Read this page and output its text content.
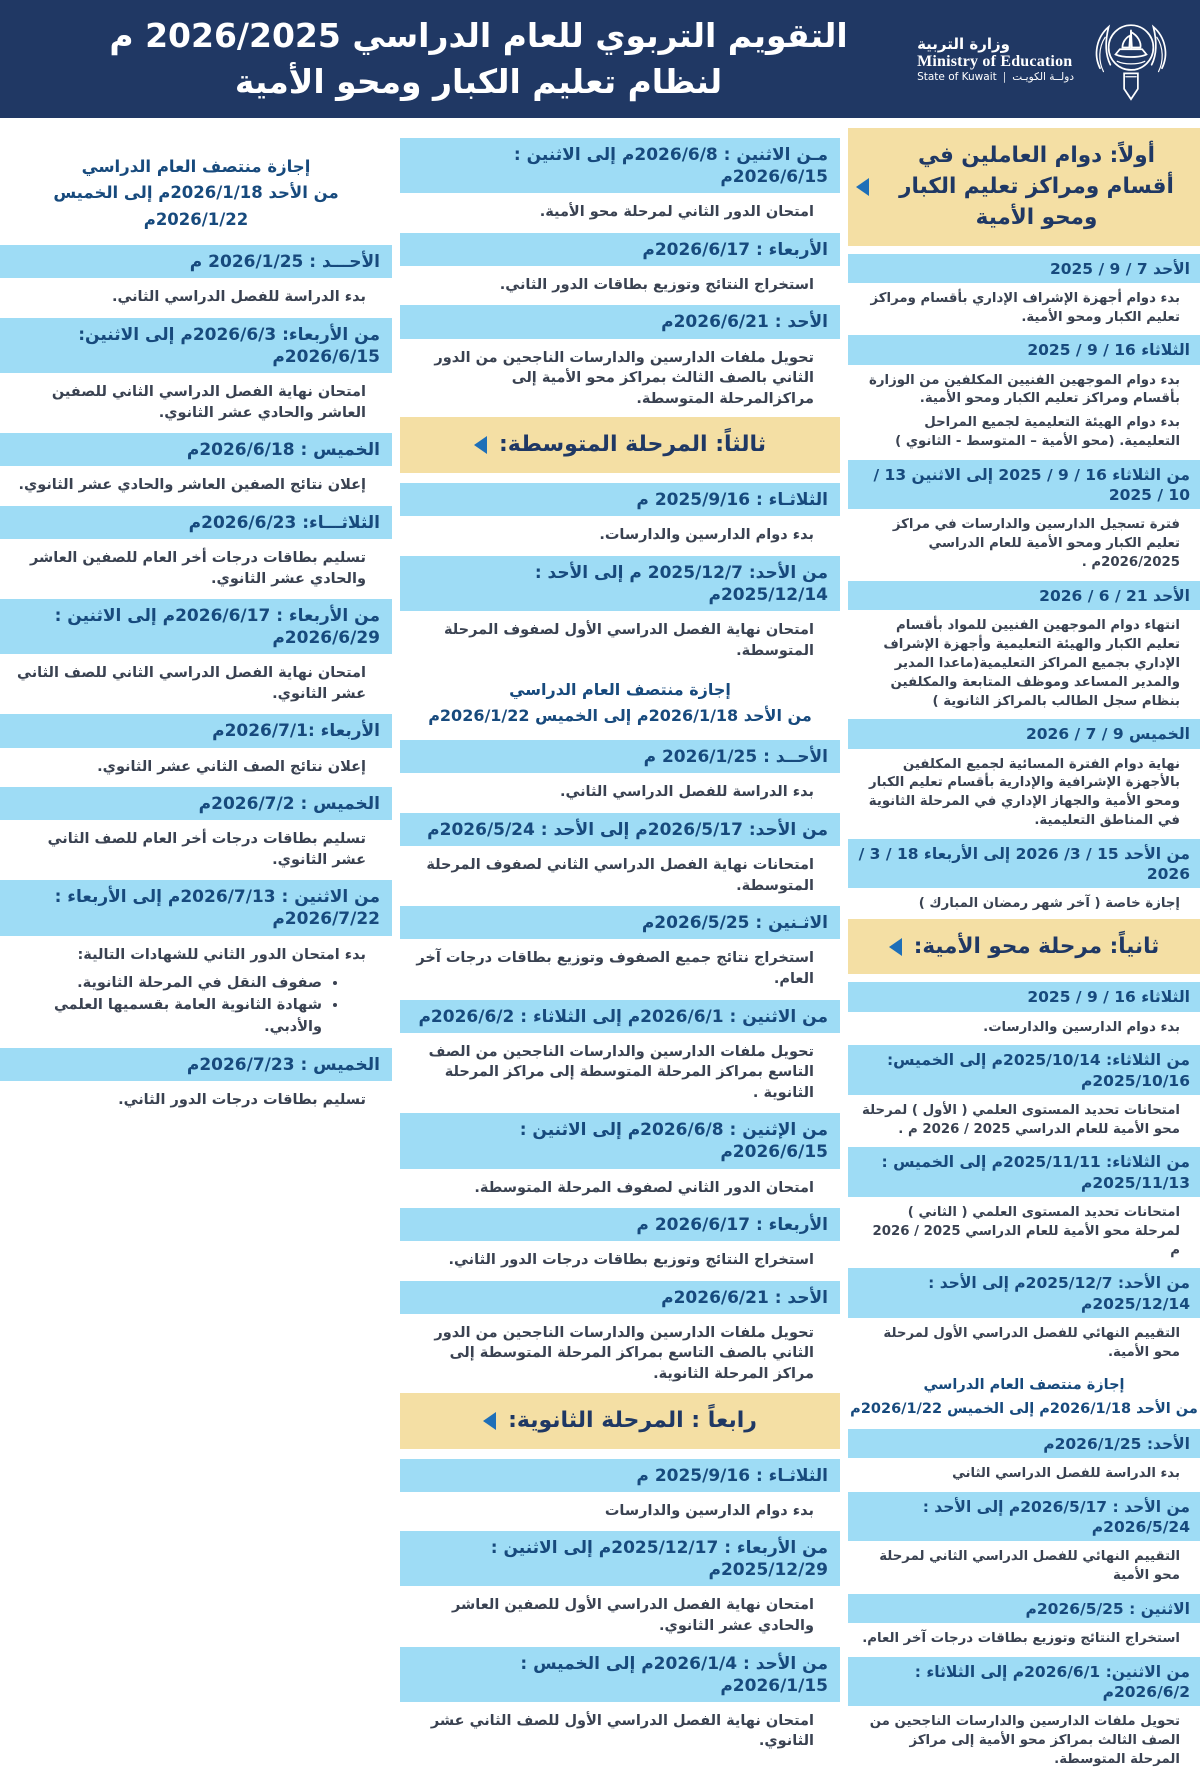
وزارة التربية
Ministry of Education
State of Kuwait | دولــة الكويـت
التقويم التربوي للعام الدراسي 2026/2025 م
لنظام تعليم الكبار ومحو الأمية
أولاً: دوام العاملين في أقسام ومراكز تعليم الكبار ومحو الأمية
الأحد 7 / 9 / 2025
بدء دوام أجهزة الإشراف الإداري بأقسام ومراكز تعليم الكبار ومحو الأمية.
الثلاثاء 16 / 9 / 2025
بدء دوام الموجهين الفنيين المكلفين من الوزارة بأقسام ومراكز تعليم الكبار ومحو الأمية.
بدء دوام الهيئة التعليمية لجميع المراحل التعليمية. (محو الأمية – المتوسط - الثانوي )
من الثلاثاء 16 / 9 / 2025 إلى الاثنين 13 / 10 / 2025
فترة تسجيل الدارسين والدارسات في مراكز تعليم الكبار ومحو الأمية للعام الدراسي 2026/2025م .
الأحد 21 / 6 / 2026
انتهاء دوام الموجهين الفنيين للمواد بأقسام تعليم الكبار والهيئة التعليمية وأجهزة الإشراف الإداري بجميع المراكز التعليمية(ماعدا المدير والمدير المساعد وموظف المتابعة والمكلفين بنظام سجل الطالب بالمراكز الثانوية )
الخميس 9 / 7 / 2026
نهاية دوام الفترة المسائية لجميع المكلفين بالأجهزة الإشرافية والإدارية بأقسام تعليم الكبار ومحو الأمية والجهاز الإداري في المرحلة الثانوية في المناطق التعليمية.
من الأحد 15 / 3/ 2026 إلى الأربعاء 18 / 3 / 2026
إجازة خاصة ( آخر شهر رمضان المبارك )
ثانياً: مرحلة محو الأمية:
الثلاثاء 16 / 9 / 2025
بدء دوام الدارسين والدارسات.
من الثلاثاء: 2025/10/14م إلى الخميس: 2025/10/16م
امتحانات تحديد المستوى العلمي ( الأول ) لمرحلة محو الأمية للعام الدراسي 2025 / 2026 م .
من الثلاثاء: 2025/11/11م إلى الخميس : 2025/11/13م
امتحانات تحديد المستوى العلمي ( الثاني ) لمرحلة محو الأمية للعام الدراسي 2025 / 2026 م
من الأحد: 2025/12/7م إلى الأحد : 2025/12/14م
التقييم النهائي للفصل الدراسي الأول لمرحلة محو الأمية.
إجازة منتصف العام الدراسي
من الأحد 2026/1/18م إلى الخميس 2026/1/22م
الأحد: 2026/1/25م
بدء الدراسة للفصل الدراسي الثاني
من الأحد : 2026/5/17م إلى الأحد : 2026/5/24م
التقييم النهائي للفصل الدراسي الثاني لمرحلة محو الأمية
الاثنين : 2026/5/25م
استخراج النتائج وتوزيع بطاقات درجات آخر العام.
من الاثنين: 2026/6/1م إلى الثلاثاء : 2026/6/2م
تحويل ملفات الدارسين والدارسات الناجحين من الصف الثالث بمراكز محو الأمية إلى مراكز المرحلة المتوسطة.
مـن الاثنين : 2026/6/8م إلى الاثنين : 2026/6/15م
امتحان الدور الثاني لمرحلة محو الأمية.
الأربعاء : 2026/6/17م
استخراج النتائج وتوزيع بطاقات الدور الثاني.
الأحد : 2026/6/21م
تحويل ملفات الدارسين والدارسات الناجحين من الدور الثاني بالصف الثالث بمراكز محو الأمية إلى مراكزالمرحلة المتوسطة.
ثالثاً: المرحلة المتوسطة:
الثلاثـاء : 2025/9/16 م
بدء دوام الدارسين والدارسات.
من الأحد: 2025/12/7 م إلى الأحد : 2025/12/14م
امتحان نهاية الفصل الدراسي الأول لصفوف المرحلة المتوسطة.
إجازة منتصف العام الدراسي
من الأحد 2026/1/18م إلى الخميس 2026/1/22م
الأحــد : 2026/1/25 م
بدء الدراسة للفصل الدراسي الثاني.
من الأحد: 2026/5/17م إلى الأحد : 2026/5/24م
امتحانات نهاية الفصل الدراسي الثاني لصفوف المرحلة المتوسطة.
الاثـنين : 2026/5/25م
استخراج نتائج جميع الصفوف وتوزيع بطاقات درجات آخر العام.
من الاثنين : 2026/6/1م إلى الثلاثاء : 2026/6/2م
تحويل ملفات الدارسين والدارسات الناجحين من الصف التاسع بمراكز المرحلة المتوسطة إلى مراكز المرحلة الثانوية .
من الإثنين : 2026/6/8م إلى الاثنين : 2026/6/15م
امتحان الدور الثاني لصفوف المرحلة المتوسطة.
الأربعاء : 2026/6/17 م
استخراج النتائج وتوزيع بطاقات درجات الدور الثاني.
الأحد : 2026/6/21م
تحويل ملفات الدارسين والدارسات الناجحين من الدور الثاني بالصف التاسع بمراكز المرحلة المتوسطة إلى مراكز المرحلة الثانوية.
رابعاً : المرحلة الثانوية:
الثلاثـاء : 2025/9/16 م
بدء دوام الدارسين والدارسات
من الأربعاء : 2025/12/17م إلى الاثنين : 2025/12/29م
امتحان نهاية الفصل الدراسي الأول للصفين العاشر والحادي عشر الثانوي.
من الأحد : 2026/1/4م إلى الخميس : 2026/1/15م
امتحان نهاية الفصل الدراسي الأول للصف الثاني عشر الثانوي.
إجازة منتصف العام الدراسي
من الأحد 2026/1/18م إلى الخميس 2026/1/22م
الأحـــد : 2026/1/25 م
بدء الدراسة للفصل الدراسي الثاني.
من الأربعاء: 2026/6/3م إلى الاثنين: 2026/6/15م
امتحان نهاية الفصل الدراسي الثاني للصفين العاشر والحادي عشر الثانوي.
الخميس : 2026/6/18م
إعلان نتائج الصفين العاشر والحادي عشر الثانوي.
الثلاثـــاء: 2026/6/23م
تسليم بطاقات درجات أخر العام للصفين العاشر والحادي عشر الثانوي.
من الأربعاء : 2026/6/17م إلى الاثنين : 2026/6/29م
امتحان نهاية الفصل الدراسي الثاني للصف الثاني عشر الثانوي.
الأربعاء :2026/7/1م
إعلان نتائج الصف الثاني عشر الثانوي.
الخميس : 2026/7/2م
تسليم بطاقات درجات أخر العام للصف الثاني عشر الثانوي.
من الاثنين : 2026/7/13م إلى الأربعاء : 2026/7/22م
بدء امتحان الدور الثاني للشهادات التالية:
• صفوف النقل في المرحلة الثانوية.
• شهادة الثانوية العامة بقسميها العلمي والأدبي.
الخميس : 2026/7/23م
تسليم بطاقات درجات الدور الثاني.
